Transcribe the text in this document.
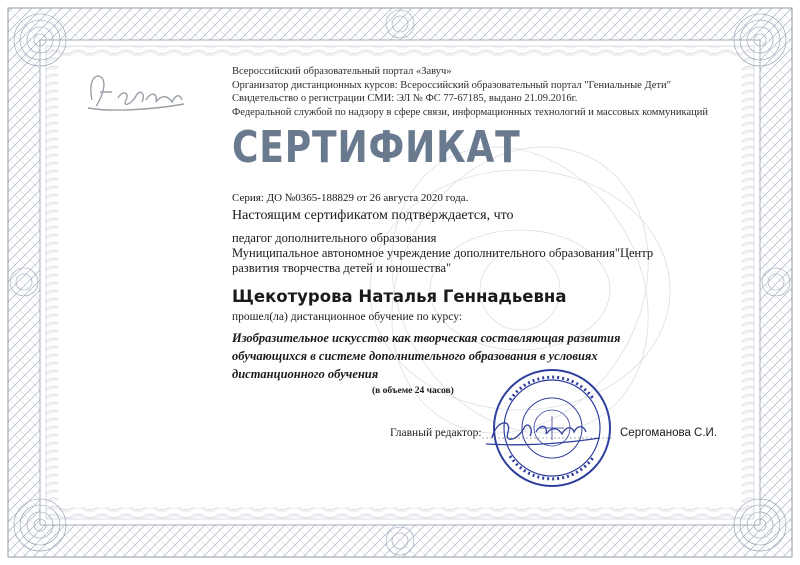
Всероссийский образовательный портал «Завуч»
Организатор дистанционных курсов: Всероссийский образовательный портал "Гениальные Дети"
Свидетельство о регистрации СМИ: ЭЛ № ФС 77-67185, выдано 21.09.2016г.
Федеральной службой по надзору в сфере связи, информационных технологий и массовых коммуникаций
СЕРТИФИКАТ
Серия: ДО №0365-188829 от 26 августа 2020 года.
Настоящим сертификатом подтверждается, что
педагог дополнительного образования
Муниципальное автономное учреждение дополнительного образования"Центр
развития творчества детей и юношества"
Щекотурова Наталья Геннадьевна
прошел(ла) дистанционное обучение по курсу:
Изобразительное искусство как творческая составляющая развития
обучающихся в системе дополнительного образования в условиях
дистанционного обучения
(в объеме 24 часов)
Главный редактор:	Сергоманова С.И.
